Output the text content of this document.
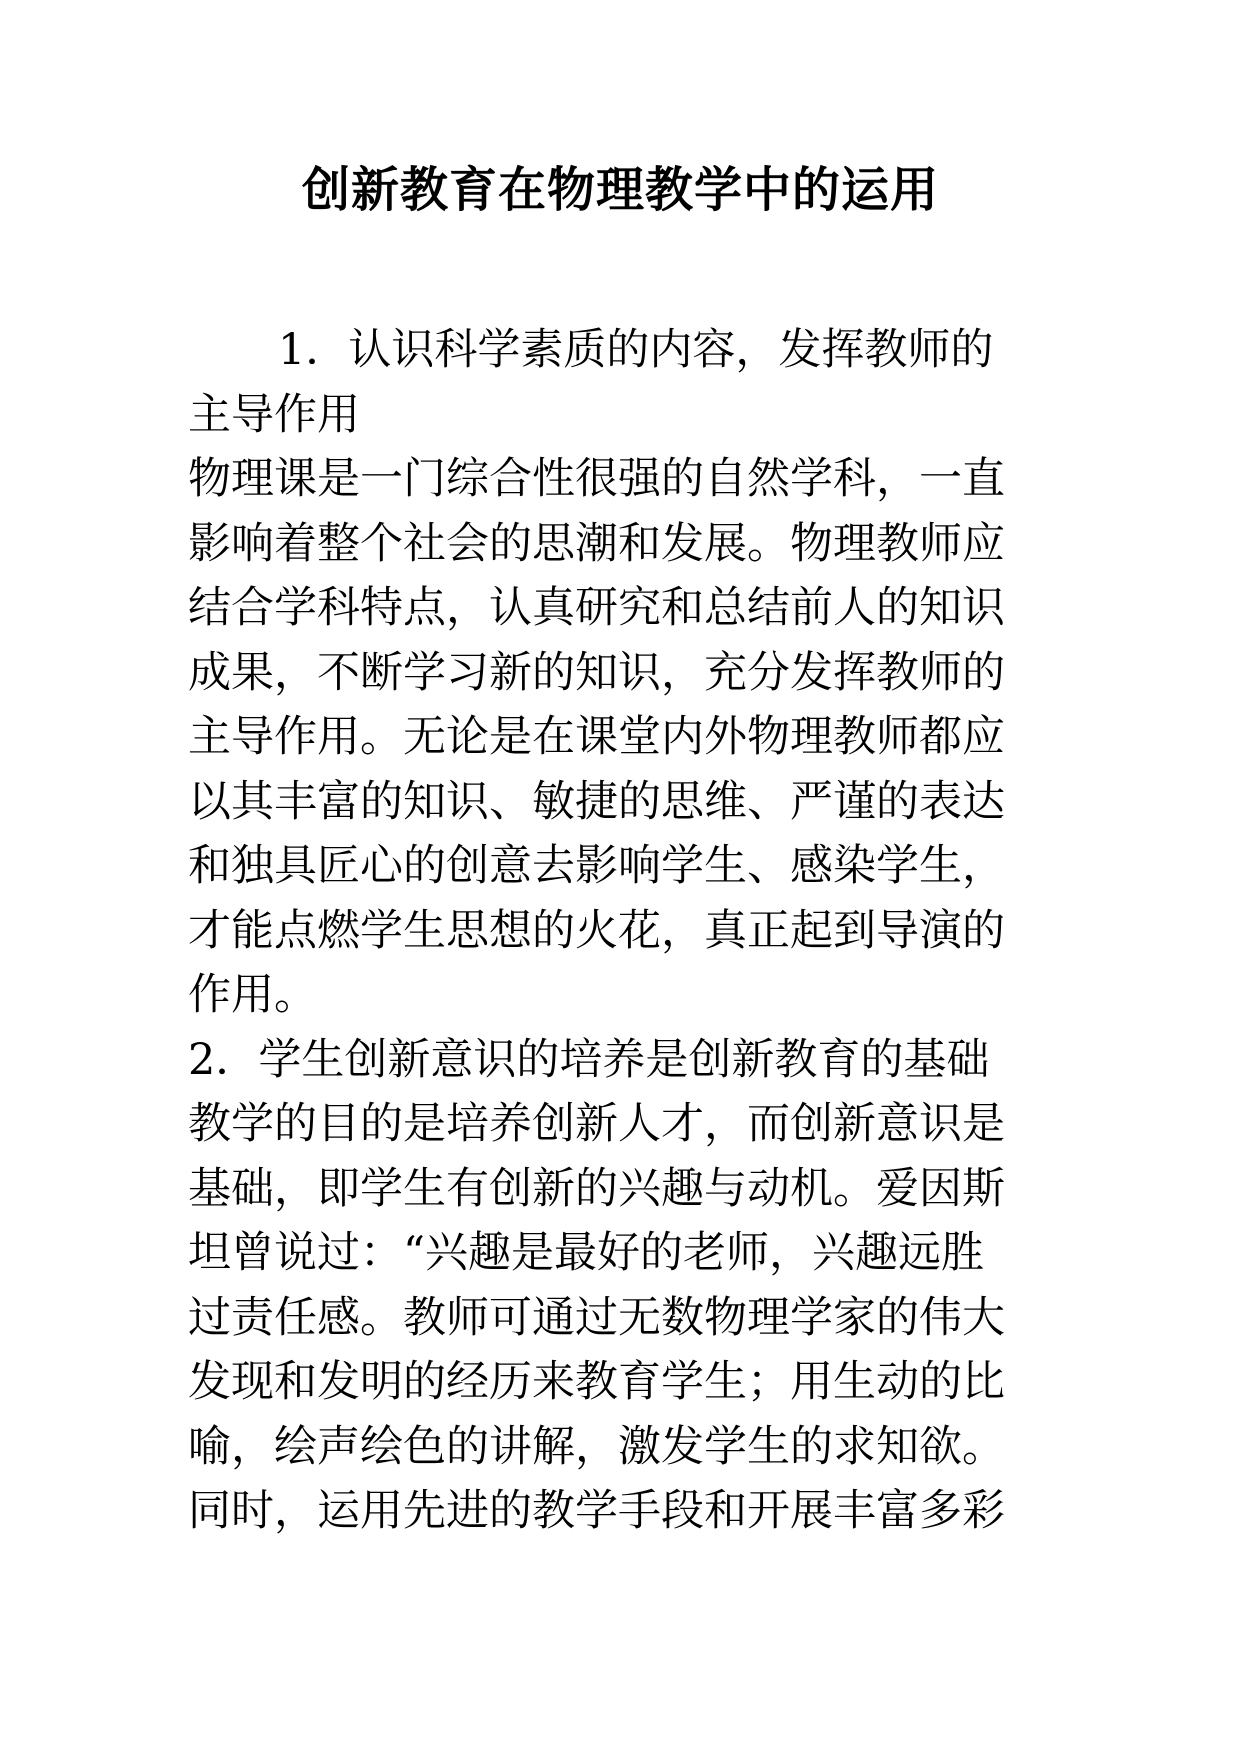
创新教育在物理教学中的运用
1．认识科学素质的内容，发挥教师的
主导作用
物理课是一门综合性很强的自然学科，一直
影响着整个社会的思潮和发展。物理教师应
结合学科特点，认真研究和总结前人的知识
成果，不断学习新的知识，充分发挥教师的
主导作用。无论是在课堂内外物理教师都应
以其丰富的知识、敏捷的思维、严谨的表达
和独具匠心的创意去影响学生、感染学生，
才能点燃学生思想的火花，真正起到导演的
作用。
2．学生创新意识的培养是创新教育的基础
教学的目的是培养创新人才，而创新意识是
基础，即学生有创新的兴趣与动机。爱因斯
坦曾说过：“兴趣是最好的老师，兴趣远胜
过责任感。教师可通过无数物理学家的伟大
发现和发明的经历来教育学生；用生动的比
喻，绘声绘色的讲解，激发学生的求知欲。
同时，运用先进的教学手段和开展丰富多彩
